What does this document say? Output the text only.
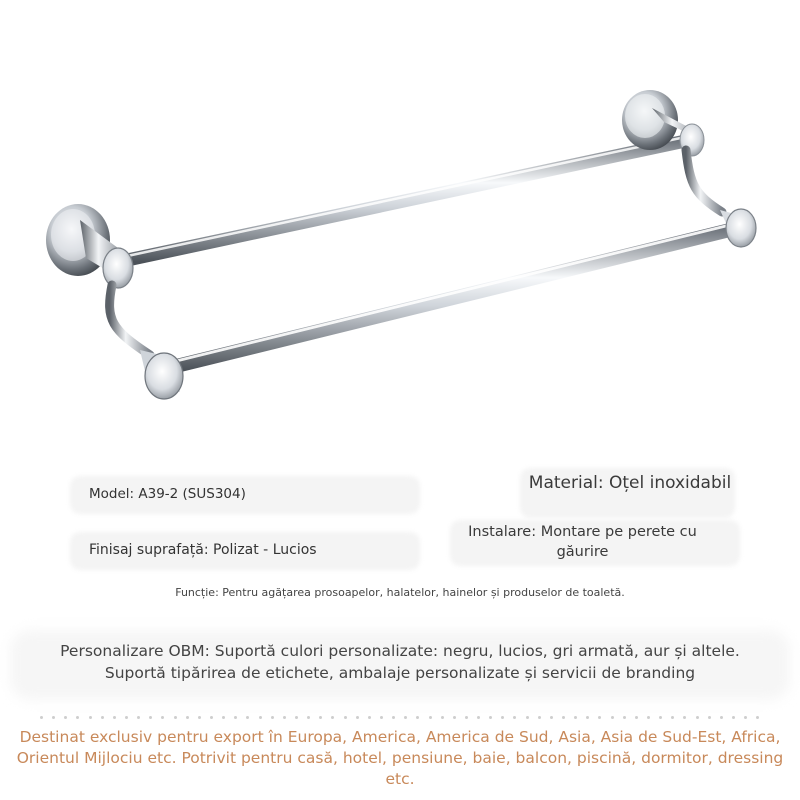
Model: A39-2 (SUS304)
Finisaj suprafață: Polizat - Lucios
Material: Oțel inoxidabil
Instalare: Montare pe perete cu găurire
Funcție: Pentru agățarea prosoapelor, halatelor, hainelor și produselor de toaletă.
Personalizare OBM: Suportă culori personalizate: negru, lucios, gri armată, aur și altele.
Suportă tipărirea de etichete, ambalaje personalizate și servicii de branding
Destinat exclusiv pentru export în Europa, America, America de Sud, Asia, Asia de Sud-Est, Africa, Orientul Mijlociu etc. Potrivit pentru casă, hotel, pensiune, baie, balcon, piscină, dormitor, dressing etc.
